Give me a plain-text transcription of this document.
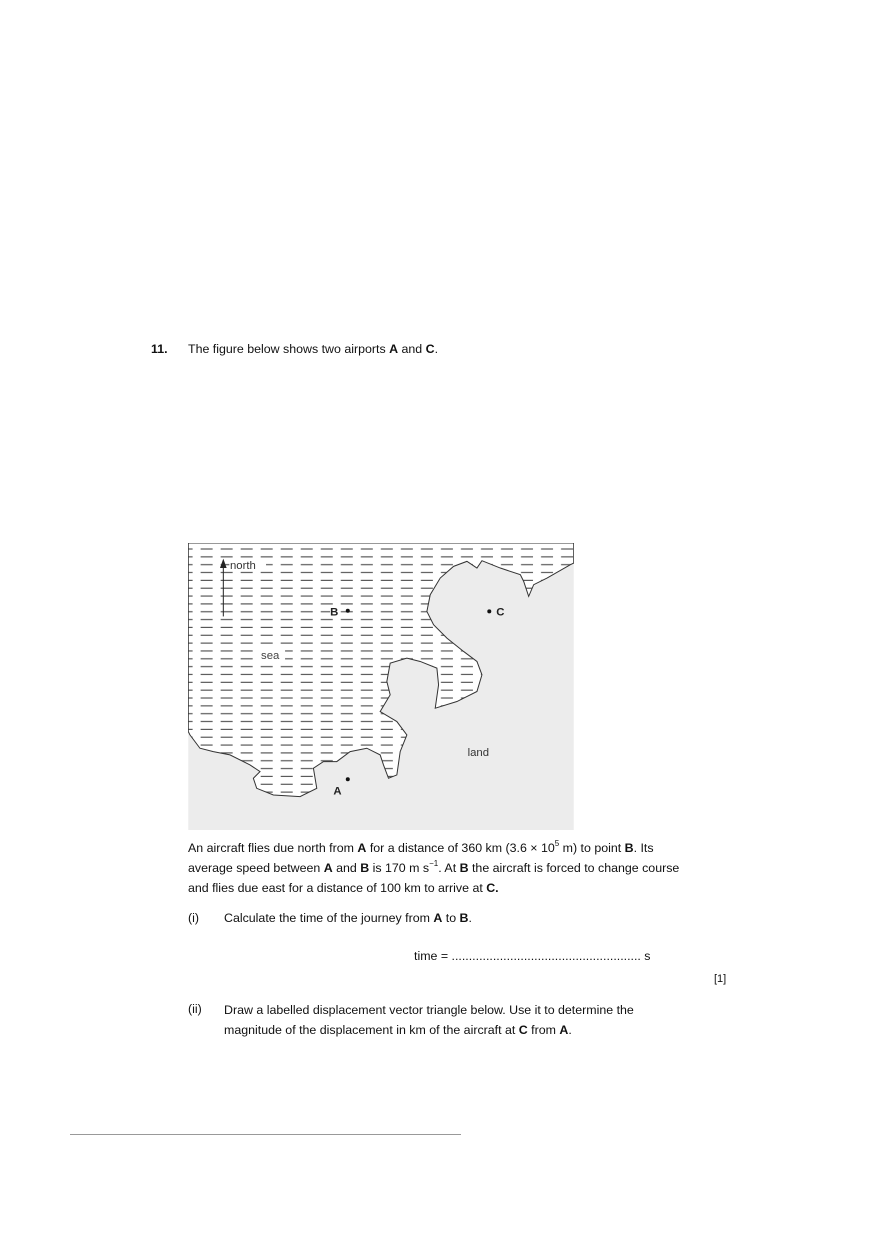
11. The figure below shows two airports A and C.
north
B	C
sea
land
A
An aircraft flies due north from A for a distance of 360 km ($3.6 \times 10^5$ m) to point B. Its
average speed between A and B is 170 m $s^{-1}$. At B the aircraft is forced to change course
and flies due east for a distance of 100 km to arrive at C.
(i) Calculate the time of the journey from A to B.
time = ....................................................... s
[1]
(ii) Draw a labelled displacement vector triangle below. Use it to determine the
magnitude of the displacement in km of the aircraft at C from A.
